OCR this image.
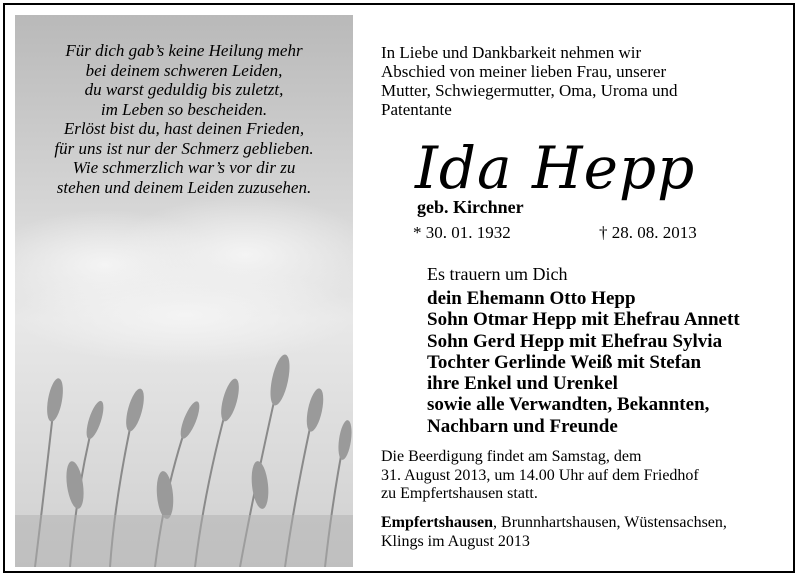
Für dich gab’s keine Heilung mehr
bei deinem schweren Leiden,
du warst geduldig bis zuletzt,
im Leben so bescheiden.
Erlöst bist du, hast deinen Frieden,
für uns ist nur der Schmerz geblieben.
Wie schmerzlich war’s vor dir zu
stehen und deinem Leiden zuzusehen.
In Liebe und Dankbarkeit nehmen wir
Abschied von meiner lieben Frau, unserer
Mutter, Schwiegermutter, Oma, Uroma und
Patentante
Ida Hepp
geb. Kirchner
* 30. 01. 1932	† 28. 08. 2013
Es trauern um Dich
dein Ehemann Otto Hepp
Sohn Otmar Hepp mit Ehefrau Annett
Sohn Gerd Hepp mit Ehefrau Sylvia
Tochter Gerlinde Weiß mit Stefan
ihre Enkel und Urenkel
sowie alle Verwandten, Bekannten,
Nachbarn und Freunde
Die Beerdigung findet am Samstag, dem
31. August 2013, um 14.00 Uhr auf dem Friedhof
zu Empfertshausen statt.
Empfertshausen, Brunnhartshausen, Wüstensachsen,
Klings im August 2013
